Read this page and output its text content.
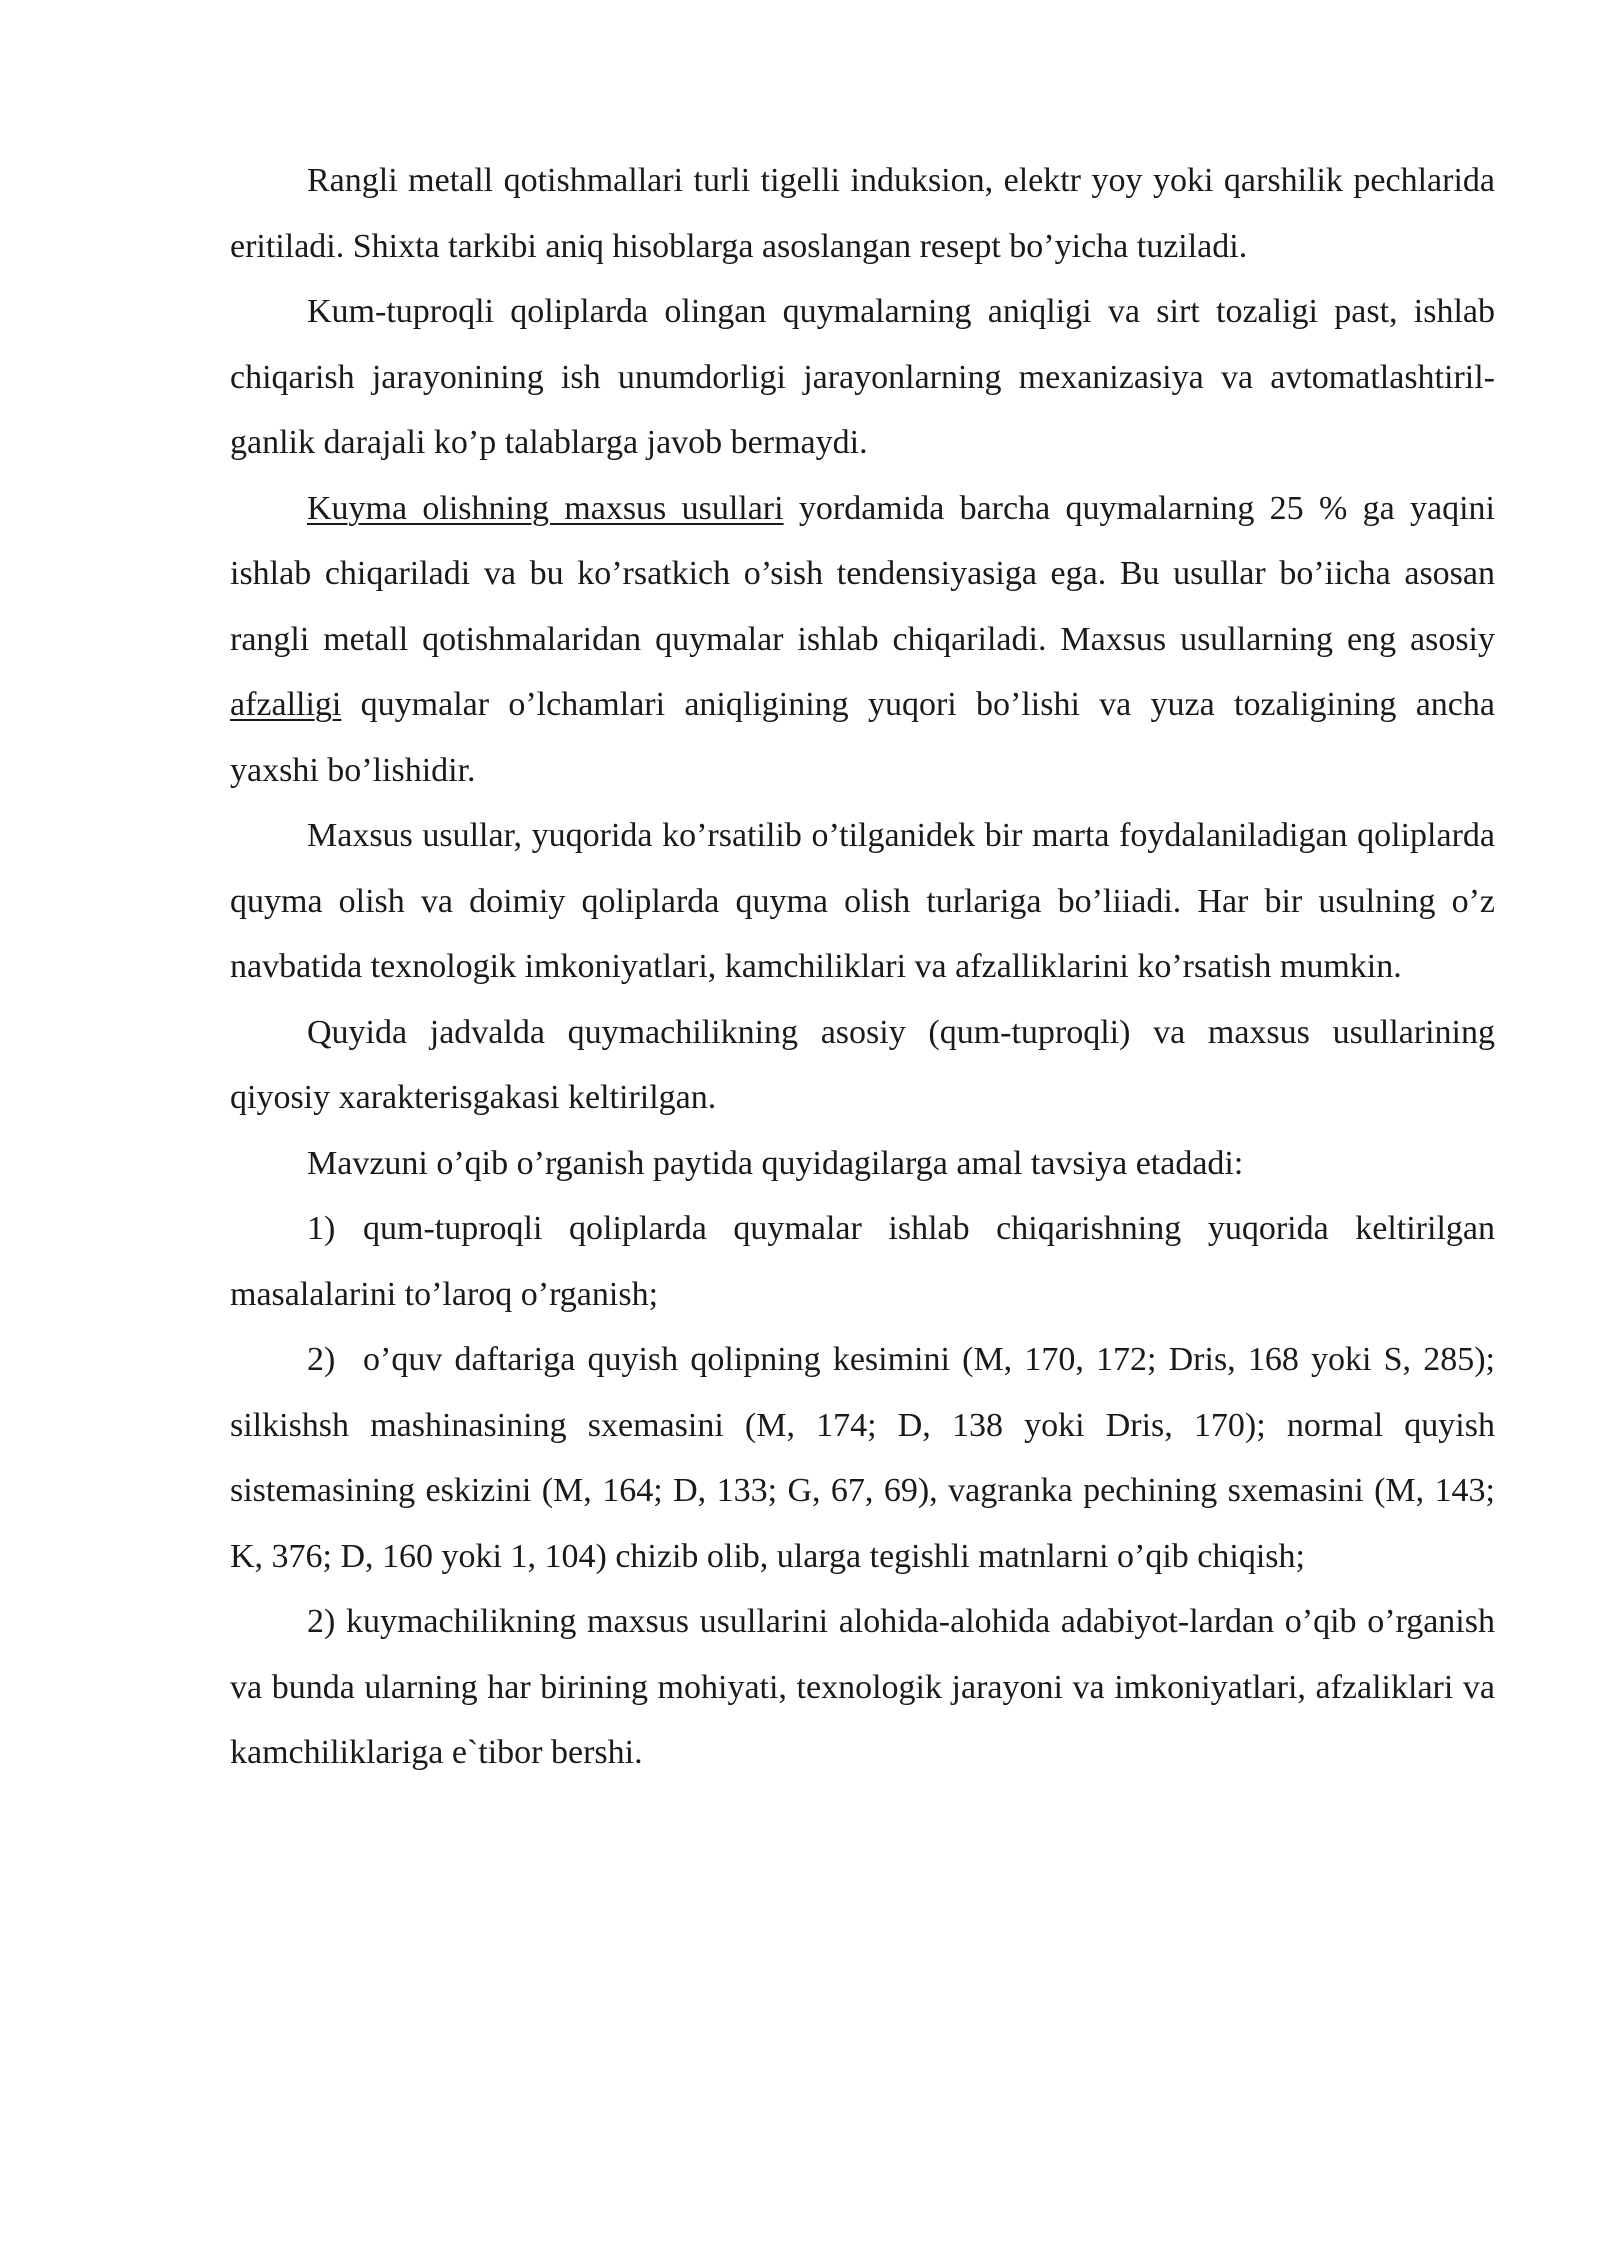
Rangli metall qotishmallari turli tigelli induksion, elektr yoy yoki qarshilik pechlarida eritiladi. Shixta tarkibi aniq hisoblarga asoslangan resept bo’yicha tuziladi.

Kum-tuproqli qoliplarda olingan quymalarning aniqligi va sirt tozaligi past, ishlab chiqarish jarayonining ish unumdorligi jarayonlarning mexanizasiya va avtomatlashtiril-ganlik darajali ko’p talablarga javob bermaydi.

Kuyma olishning maxsus usullari yordamida barcha quymalarning 25 % ga yaqini ishlab chiqariladi va bu ko’rsatkich o’sish tendensiyasiga ega. Bu usullar bo’iicha asosan rangli metall qotishmalaridan quymalar ishlab chiqariladi. Maxsus usullarning eng asosiy afzalligi quymalar o’lchamlari aniqligining yuqori bo’lishi va yuza tozaligining ancha yaxshi bo’lishidir.

Maxsus usullar, yuqorida ko’rsatilib o’tilganidek bir marta foydalaniladigan qoliplarda quyma olish va doimiy qoliplarda quyma olish turlariga bo’liiadi. Har bir usulning o’z navbatida texnologik imkoniyatlari, kamchiliklari va afzalliklarini ko’rsatish mumkin.

Quyida jadvalda quymachilikning asosiy (qum-tuproqli) va maxsus usullarining qiyosiy xarakterisgakasi keltirilgan.

Mavzuni o’qib o’rganish paytida quyidagilarga amal tavsiya etadadi:

1) qum-tuproqli qoliplarda quymalar ishlab chiqarishning yuqorida keltirilgan masalalarini to’laroq o’rganish;

2) o’quv daftariga quyish qolipning kesimini (M, 170, 172; Dris, 168 yoki S, 285); silkishsh mashinasining sxemasini (M, 174; D, 138 yoki Dris, 170); normal quyish sistemasining eskizini (M, 164; D, 133; G, 67, 69), vagranka pechining sxemasini (M, 143; K, 376; D, 160 yoki 1, 104) chizib olib, ularga tegishli matnlarni o’qib chiqish;

2) kuymachilikning maxsus usullarini alohida-alohida adabiyot-lardan o’qib o’rganish va bunda ularning har birining mohiyati, texnologik jarayoni va imkoniyatlari, afzaliklari va kamchiliklariga e`tibor bershi.
